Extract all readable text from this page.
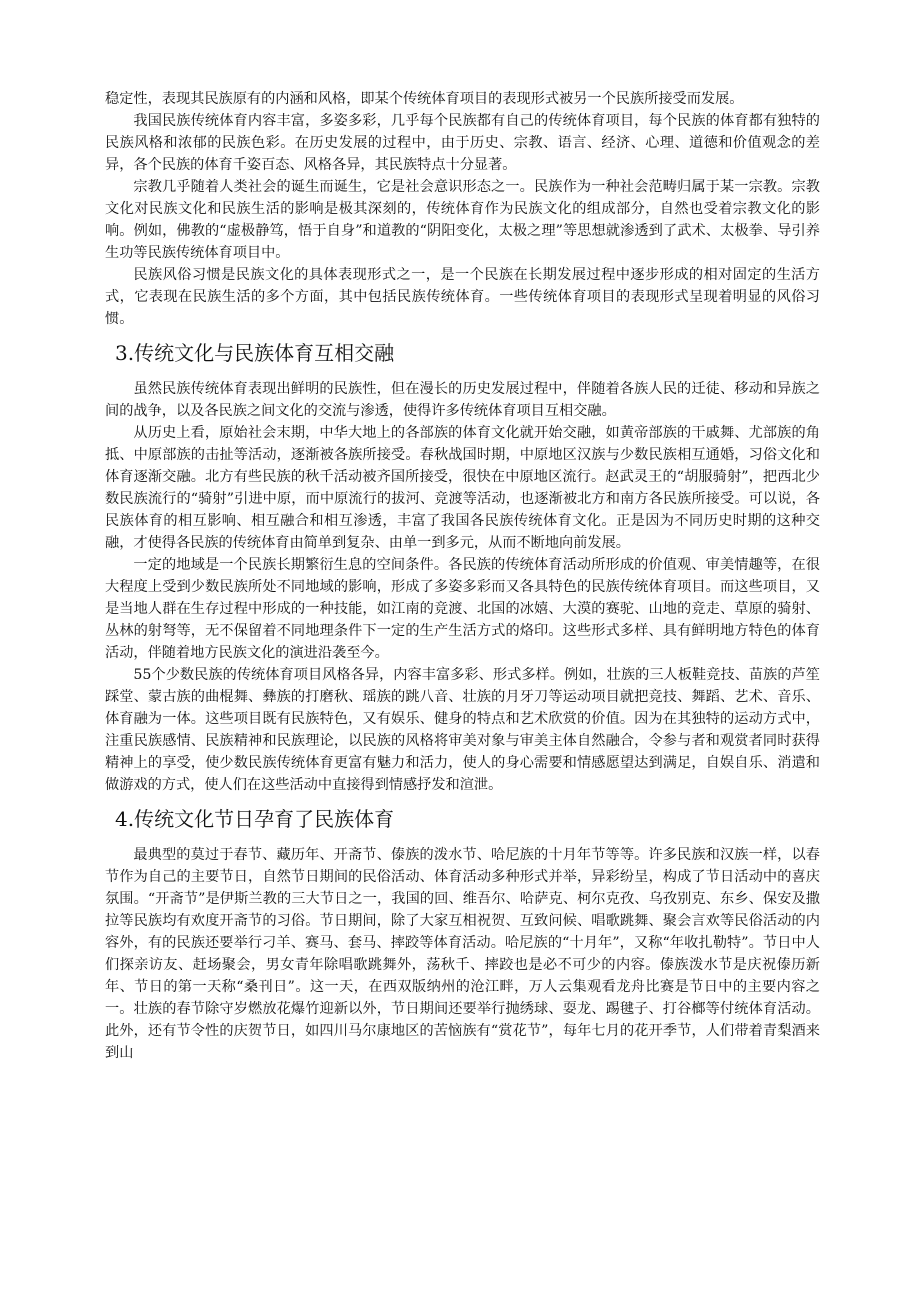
稳定性，表现其民族原有的内涵和风格，即某个传统体育项目的表现形式被另一个民族所接受而发展。

我国民族传统体育内容丰富，多姿多彩，几乎每个民族都有自己的传统体育项目，每个民族的体育都有独特的民族风格和浓郁的民族色彩。在历史发展的过程中，由于历史、宗教、语言、经济、心理、道德和价值观念的差异，各个民族的体育千姿百态、风格各异，其民族特点十分显著。

宗教几乎随着人类社会的诞生而诞生，它是社会意识形态之一。民族作为一种社会范畴归属于某一宗教。宗教文化对民族文化和民族生活的影响是极其深刻的，传统体育作为民族文化的组成部分，自然也受着宗教文化的影响。例如，佛教的“虚极静笃，悟于自身”和道教的“阴阳变化，太极之理”等思想就渗透到了武术、太极拳、导引养生功等民族传统体育项目中。

民族风俗习惯是民族文化的具体表现形式之一，是一个民族在长期发展过程中逐步形成的相对固定的生活方式，它表现在民族生活的多个方面，其中包括民族传统体育。一些传统体育项目的表现形式呈现着明显的风俗习惯。

3.传统文化与民族体育互相交融

虽然民族传统体育表现出鲜明的民族性，但在漫长的历史发展过程中，伴随着各族人民的迁徒、移动和异族之间的战争，以及各民族之间文化的交流与渗透，使得许多传统体育项目互相交融。

从历史上看，原始社会末期，中华大地上的各部族的体育文化就开始交融，如黄帝部族的干戚舞、尤部族的角抵、中原部族的击扯等活动，逐渐被各族所接受。春秋战国时期，中原地区汉族与少数民族相互通婚，习俗文化和体育逐渐交融。北方有些民族的秋千活动被齐国所接受，很快在中原地区流行。赵武灵王的“胡服骑射”，把西北少数民族流行的“骑射”引进中原，而中原流行的拔河、竞渡等活动，也逐渐被北方和南方各民族所接受。可以说，各民族体育的相互影响、相互融合和相互渗透，丰富了我国各民族传统体育文化。正是因为不同历史时期的这种交融，才使得各民族的传统体育由简单到复杂、由单一到多元，从而不断地向前发展。

一定的地域是一个民族长期繁衍生息的空间条件。各民族的传统体育活动所形成的价值观、审美情趣等，在很大程度上受到少数民族所处不同地域的影响，形成了多姿多彩而又各具特色的民族传统体育项目。而这些项目，又是当地人群在生存过程中形成的一种技能，如江南的竞渡、北国的冰嬉、大漠的赛驼、山地的竞走、草原的骑射、丛林的射弩等，无不保留着不同地理条件下一定的生产生活方式的烙印。这些形式多样、具有鲜明地方特色的体育活动，伴随着地方民族文化的演进沿袭至今。

55个少数民族的传统体育项目风格各异，内容丰富多彩、形式多样。例如，壮族的三人板鞋竞技、苗族的芦笙踩堂、蒙古族的曲棍舞、彝族的打磨秋、瑶族的跳八音、壮族的月牙刀等运动项目就把竞技、舞蹈、艺术、音乐、体育融为一体。这些项目既有民族特色，又有娱乐、健身的特点和艺术欣赏的价值。因为在其独特的运动方式中，注重民族感情、民族精神和民族理论，以民族的风格将审美对象与审美主体自然融合，令参与者和观赏者同时获得精神上的享受，使少数民族传统体育更富有魅力和活力，使人的身心需要和情感愿望达到满足，自娱自乐、消遣和做游戏的方式，使人们在这些活动中直接得到情感抒发和渲泄。

4.传统文化节日孕育了民族体育

最典型的莫过于春节、藏历年、开斋节、傣族的泼水节、哈尼族的十月年节等等。许多民族和汉族一样，以春节作为自己的主要节日，自然节日期间的民俗活动、体育活动多种形式并举，异彩纷呈，构成了节日活动中的喜庆氛围。“开斋节”是伊斯兰教的三大节日之一，我国的回、维吾尔、哈萨克、柯尔克孜、乌孜别克、东乡、保安及撒拉等民族均有欢度开斋节的习俗。节日期间，除了大家互相祝贺、互致问候、唱歌跳舞、聚会言欢等民俗活动的内容外，有的民族还要举行刁羊、赛马、套马、摔跤等体育活动。哈尼族的“十月年”，又称“年收扎勒特”。节日中人们探亲访友、赶场聚会，男女青年除唱歌跳舞外，荡秋千、摔跤也是必不可少的内容。傣族泼水节是庆祝傣历新年、节日的第一天称“桑刊日”。这一天，在西双版纳州的沧江畔，万人云集观看龙舟比赛是节日中的主要内容之一。壮族的春节除守岁燃放花爆竹迎新以外，节日期间还要举行抛绣球、耍龙、踢毽子、打谷榔等付统体育活动。此外，还有节令性的庆贺节日，如四川马尔康地区的苦恼族有“赏花节”，每年七月的花开季节，人们带着青梨酒来到山
